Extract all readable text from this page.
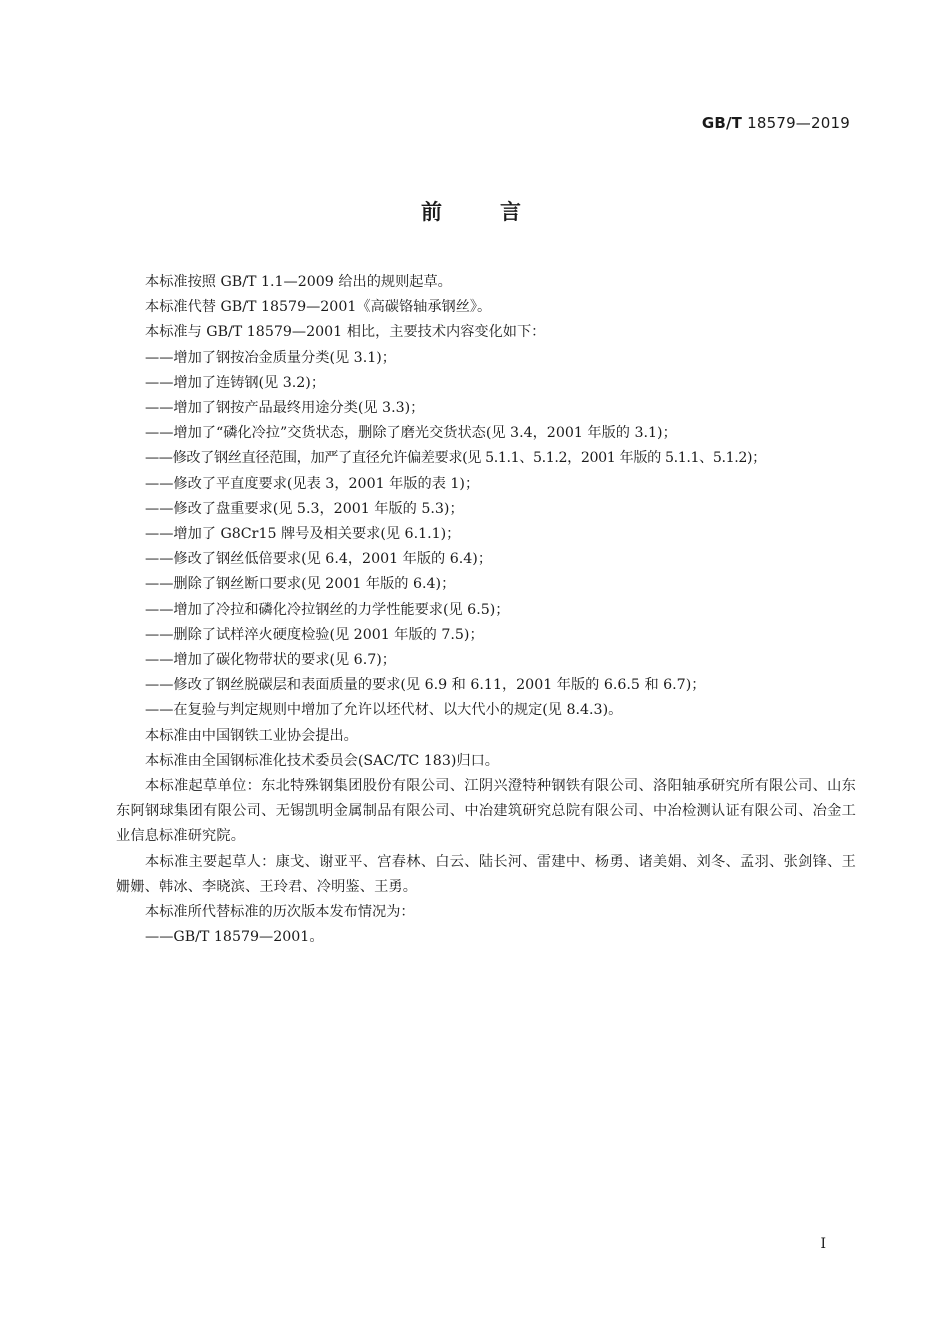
GB/T 18579—2019
前言

本标准按照 GB/T 1.1—2009 给出的规则起草。

本标准代替 GB/T 18579—2001《高碳铬轴承钢丝》。

本标准与 GB/T 18579—2001 相比，主要技术内容变化如下：

——增加了钢按冶金质量分类(见 3.1)；

——增加了连铸钢(见 3.2)；

——增加了钢按产品最终用途分类(见 3.3)；

——增加了“磷化冷拉”交货状态，删除了磨光交货状态(见 3.4，2001 年版的 3.1)；

——修改了钢丝直径范围，加严了直径允许偏差要求(见 5.1.1、5.1.2，2001 年版的 5.1.1、5.1.2)；

——修改了平直度要求(见表 3，2001 年版的表 1)；

——修改了盘重要求(见 5.3，2001 年版的 5.3)；

——增加了 G8Cr15 牌号及相关要求(见 6.1.1)；

——修改了钢丝低倍要求(见 6.4，2001 年版的 6.4)；

——删除了钢丝断口要求(见 2001 年版的 6.4)；

——增加了冷拉和磷化冷拉钢丝的力学性能要求(见 6.5)；

——删除了试样淬火硬度检验(见 2001 年版的 7.5)；

——增加了碳化物带状的要求(见 6.7)；

——修改了钢丝脱碳层和表面质量的要求(见 6.9 和 6.11，2001 年版的 6.6.5 和 6.7)；

——在复验与判定规则中增加了允许以坯代材、以大代小的规定(见 8.4.3)。

本标准由中国钢铁工业协会提出。

本标准由全国钢标准化技术委员会(SAC/TC 183)归口。

本标准起草单位：东北特殊钢集团股份有限公司、江阴兴澄特种钢铁有限公司、洛阳轴承研究所有限公司、山东东阿钢球集团有限公司、无锡凯明金属制品有限公司、中冶建筑研究总院有限公司、中冶检测认证有限公司、冶金工业信息标准研究院。

本标准主要起草人：康戈、谢亚平、宫春林、白云、陆长河、雷建中、杨勇、诸美娟、刘冬、孟羽、张剑锋、王姗姗、韩冰、李晓滨、王玲君、冷明鉴、王勇。

本标准所代替标准的历次版本发布情况为：

——GB/T 18579—2001。

I
